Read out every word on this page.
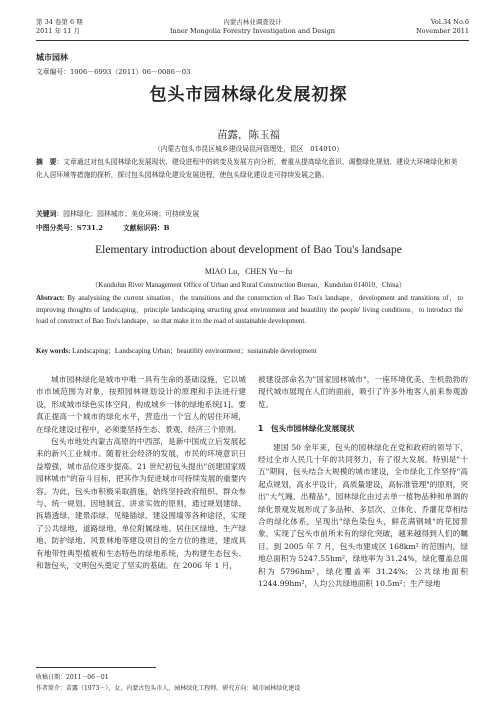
第 34 卷第 6 期
2011 年 11 月
内蒙古林业调查设计
Inner Mongolia Forestry Investigation and Design
Vol.34 No.6
November 2011
城市园林
文章编号：1006－6993（2011）06－0086－03
包头市园林绿化发展初探
苗露，陈玉福
（内蒙古包头市昆区城乡建设局昆河管理处，昆区　014010）
摘　要：文章通过对包头园林绿化发展现状、建设进程中的转变及发展方向分析，着重从提高绿化意识、调整绿化规划、建设大环境绿化和美化人居环境等措施的探析，探讨包头园林绿化建设发展进程，使包头绿化建设走可持续发展之路。
关键词：园林绿化；园林城市；美化环境；可持续发展
中图分类号：S731.2	文献标识码：B
Elementary introduction about development of Bao Tou's landsape
MIAO Lu，CHEN Yu－fu
（Kundulun River Management Office of Urban and Rural Construction Bureau，Kundulun 014010，China）
Abstract: By analysising the current situation，the transitions and the construction of Bao Tou's landsape，development and transitions of，to improving thoughts of landscaping，principle landscaping structing great environment and beautility the people' living conditions，to introduct the load of construct of Bao Tou's landsape，so that make it to the road of sustainable development.
Key words: Landscaping；Landscaping Urban；beautility environment；sustainable development

城市园林绿化是城市中唯一具有生命的基础设施，它以城市市域范围为对象，按照园林规划设计的原理和手法进行建设，形成城市绿色实体空间，构成城乡一体的绿地系统[1]。要真正提高一个城市的绿化水平，营造出一个宜人的居住环境，在绿化建设过程中，必须要坚持生态、景观、经济三个原则。

包头市地处内蒙古高原的中西部，是新中国成立后发展起来的新兴工业城市。随着社会经济的发展，市民的环境意识日益增强，城市品位逐步提高。21 世纪初包头提出"创建国家级园林城市"的奋斗目标，把其作为促进城市可持续发展的重要内容。为此，包头市积极采取措施，始终坚持政府组织、群众参与、统一规划、因地制宜、讲求实效的原则，通过规划建绿、拆墙透绿、建景添绿、见缝插绿、建设围墙等各种途径，实现了公共绿地、道路绿地、单位附属绿地、居住区绿地、生产绿地、防护绿地、风景林地等建设项目的全方位的推进，建成具有地带性典型植被和生态特色的绿地系统，为构建生态包头、和谐包头，文明包头奠定了坚实的基础。在 2006 年 1 月，

被建设部命名为"国家园林城市"，一座环境优美、生机勃勃的现代城市展现在人们的面前，吸引了许多外地客人前来参观游览。

1　包头市园林绿化发展现状

建国 50 余年来，包头的园林绿化在党和政府的领导下，经过全市人民几十年的共同努力，有了很大发展。特别是"十五"期间，包头结合大规模的城市建设，全市绿化工作坚持"高起点规划，高水平设计，高质量建设，高标准管理"的原则，突出"大气魄、出精品"，园林绿化由过去单一植物品种和单调的绿化景观发展形成了多品种、多层次、立体化、乔灌花草相结合的绿化体系，呈现出"绿色染包头，鲜花满钢城"的花园景象，实现了包头市前所未有的绿化突破，越来越得到人们的瞩目。到 2005 年 7 月，包头市建成区 168km² 的范围内，绿地总面积为 5247.55hm²，绿地率为 31.24%，绿化覆盖总面积为 5796hm²，绿化覆盖率 31.24%；公共绿地面积 1244.99hm²，人均公共绿地面积 10.5m²；生产绿地

收稿日期：2011－06－01
作者简介：苗露（1973－），女，内蒙古包头市人，园林绿化工程师。研究方向：城市园林绿化建设
